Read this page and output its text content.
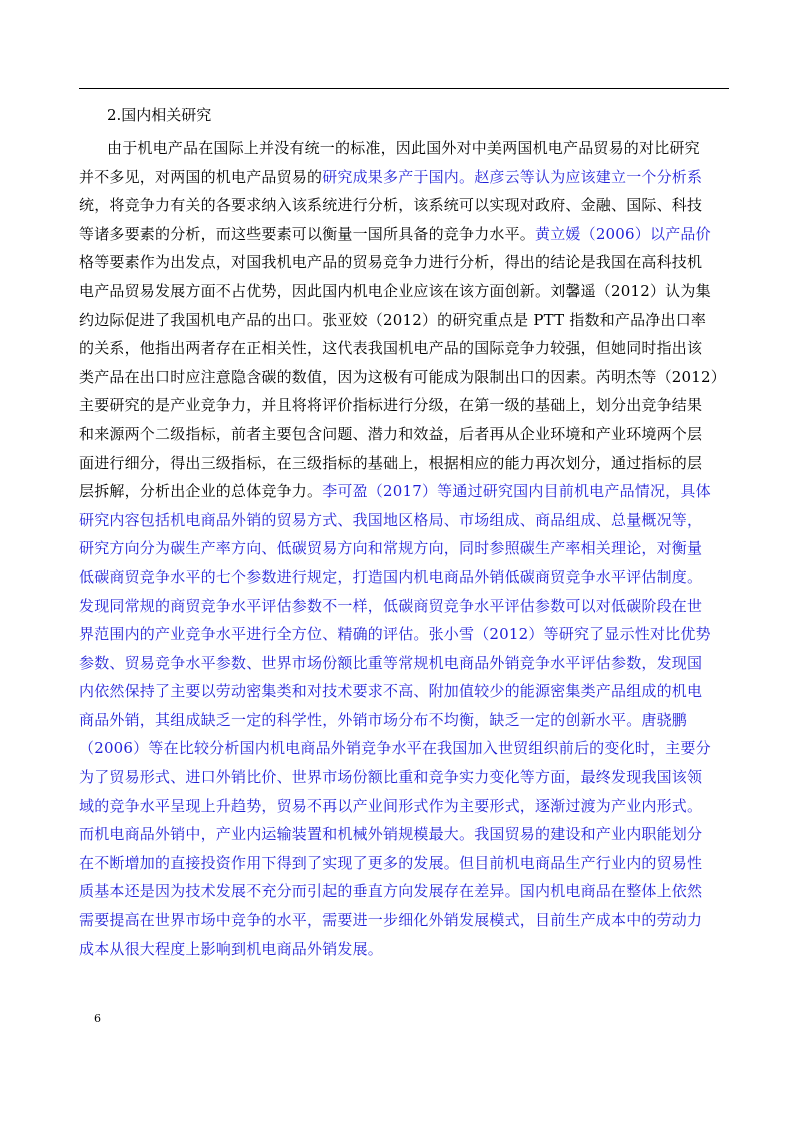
2.国内相关研究
由于机电产品在国际上并没有统一的标准，因此国外对中美两国机电产品贸易的对比研究
并不多见，对两国的机电产品贸易的研究成果多产于国内。赵彦云等认为应该建立一个分析系
统，将竞争力有关的各要求纳入该系统进行分析，该系统可以实现对政府、金融、国际、科技
等诸多要素的分析，而这些要素可以衡量一国所具备的竞争力水平。黄立媛（2006）以产品价
格等要素作为出发点，对国我机电产品的贸易竞争力进行分析，得出的结论是我国在高科技机
电产品贸易发展方面不占优势，因此国内机电企业应该在该方面创新。刘馨遥（2012）认为集
约边际促进了我国机电产品的出口。张亚姣（2012）的研究重点是 PTT 指数和产品净出口率
的关系，他指出两者存在正相关性，这代表我国机电产品的国际竞争力较强，但她同时指出该
类产品在出口时应注意隐含碳的数值，因为这极有可能成为限制出口的因素。芮明杰等（2012）
主要研究的是产业竞争力，并且将将评价指标进行分级，在第一级的基础上，划分出竞争结果
和来源两个二级指标，前者主要包含问题、潜力和效益，后者再从企业环境和产业环境两个层
面进行细分，得出三级指标，在三级指标的基础上，根据相应的能力再次划分，通过指标的层
层拆解，分析出企业的总体竞争力。李可盈（2017）等通过研究国内目前机电产品情况，具体
研究内容包括机电商品外销的贸易方式、我国地区格局、市场组成、商品组成、总量概况等，
研究方向分为碳生产率方向、低碳贸易方向和常规方向，同时参照碳生产率相关理论，对衡量
低碳商贸竞争水平的七个参数进行规定，打造国内机电商品外销低碳商贸竞争水平评估制度。
发现同常规的商贸竞争水平评估参数不一样，低碳商贸竞争水平评估参数可以对低碳阶段在世
界范围内的产业竞争水平进行全方位、精确的评估。张小雪（2012）等研究了显示性对比优势
参数、贸易竞争水平参数、世界市场份额比重等常规机电商品外销竞争水平评估参数，发现国
内依然保持了主要以劳动密集类和对技术要求不高、附加值较少的能源密集类产品组成的机电
商品外销，其组成缺乏一定的科学性，外销市场分布不均衡，缺乏一定的创新水平。唐骁鹏
（2006）等在比较分析国内机电商品外销竞争水平在我国加入世贸组织前后的变化时，主要分
为了贸易形式、进口外销比价、世界市场份额比重和竞争实力变化等方面，最终发现我国该领
域的竞争水平呈现上升趋势，贸易不再以产业间形式作为主要形式，逐渐过渡为产业内形式。
而机电商品外销中，产业内运输装置和机械外销规模最大。我国贸易的建设和产业内职能划分
在不断增加的直接投资作用下得到了实现了更多的发展。但目前机电商品生产行业内的贸易性
质基本还是因为技术发展不充分而引起的垂直方向发展存在差异。国内机电商品在整体上依然
需要提高在世界市场中竞争的水平，需要进一步细化外销发展模式，目前生产成本中的劳动力
成本从很大程度上影响到机电商品外销发展。
6
